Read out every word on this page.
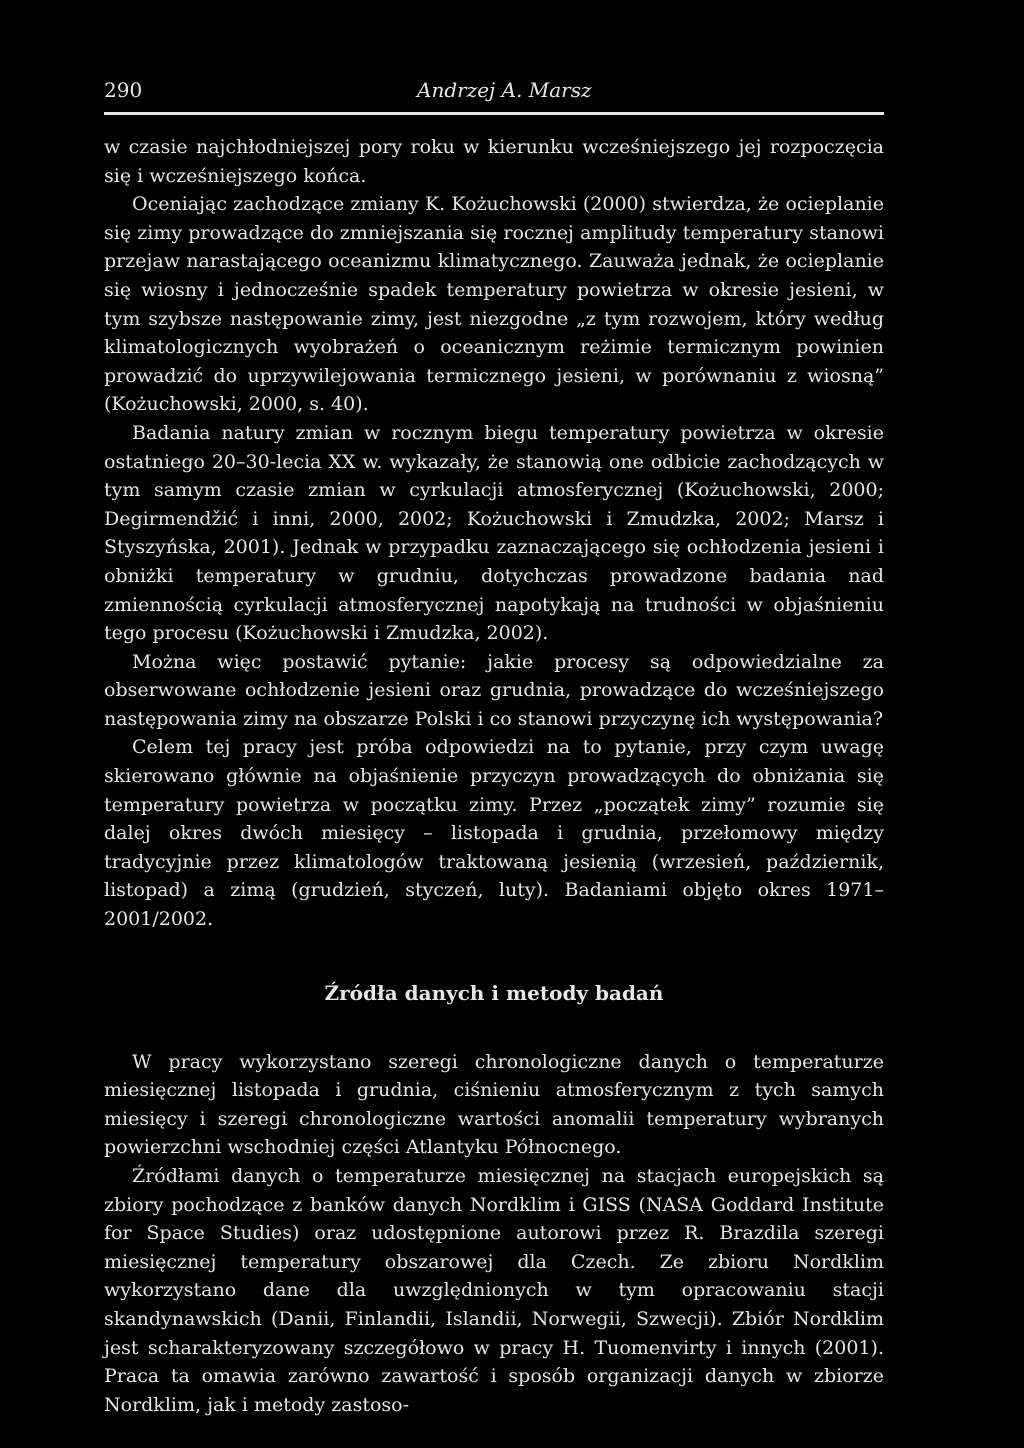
290	Andrzej A. Marsz

w czasie najchłodniejszej pory roku w kierunku wcześniejszego jej rozpoczęcia się i wcześniejszego końca.

Oceniając zachodzące zmiany K. Kożuchowski (2000) stwierdza, że ocieplanie się zimy prowadzące do zmniejszania się rocznej amplitudy temperatury stanowi przejaw narastającego oceanizmu klimatycznego. Zauważa jednak, że ocieplanie się wiosny i jednocześnie spadek temperatury powietrza w okresie jesieni, w tym szybsze następowanie zimy, jest niezgodne „z tym rozwojem, który według klimatologicznych wyobrażeń o oceanicznym reżimie termicznym powinien prowadzić do uprzywilejowania termicznego jesieni, w porównaniu z wiosną” (Kożuchowski, 2000, s. 40).

Badania natury zmian w rocznym biegu temperatury powietrza w okresie ostatniego 20–30-lecia XX w. wykazały, że stanowią one odbicie zachodzących w tym samym czasie zmian w cyrkulacji atmosferycznej (Kożuchowski, 2000; Degirmendžić i inni, 2000, 2002; Kożuchowski i Zmudzka, 2002; Marsz i Styszyńska, 2001). Jednak w przypadku zaznaczającego się ochłodzenia jesieni i obniżki temperatury w grudniu, dotychczas prowadzone badania nad zmiennością cyrkulacji atmosferycznej napotykają na trudności w objaśnieniu tego procesu (Kożuchowski i Zmudzka, 2002).

Można więc postawić pytanie: jakie procesy są odpowiedzialne za obserwowane ochłodzenie jesieni oraz grudnia, prowadzące do wcześniejszego następowania zimy na obszarze Polski i co stanowi przyczynę ich występowania?

Celem tej pracy jest próba odpowiedzi na to pytanie, przy czym uwagę skierowano głównie na objaśnienie przyczyn prowadzących do obniżania się temperatury powietrza w początku zimy. Przez „początek zimy” rozumie się dalej okres dwóch miesięcy – listopada i grudnia, przełomowy między tradycyjnie przez klimatologów traktowaną jesienią (wrzesień, październik, listopad) a zimą (grudzień, styczeń, luty). Badaniami objęto okres 1971–2001/2002.

Źródła danych i metody badań

W pracy wykorzystano szeregi chronologiczne danych o temperaturze miesięcznej listopada i grudnia, ciśnieniu atmosferycznym z tych samych miesięcy i szeregi chronologiczne wartości anomalii temperatury wybranych powierzchni wschodniej części Atlantyku Północnego.

Źródłami danych o temperaturze miesięcznej na stacjach europejskich są zbiory pochodzące z banków danych Nordklim i GISS (NASA Goddard Institute for Space Studies) oraz udostępnione autorowi przez R. Brazdila szeregi miesięcznej temperatury obszarowej dla Czech. Ze zbioru Nordklim wykorzystano dane dla uwzględnionych w tym opracowaniu stacji skandynawskich (Danii, Finlandii, Islandii, Norwegii, Szwecji). Zbiór Nordklim jest scharakteryzowany szczegółowo w pracy H. Tuomenvirty i innych (2001). Praca ta omawia zarówno zawartość i sposób organizacji danych w zbiorze Nordklim, jak i metody zastoso-
